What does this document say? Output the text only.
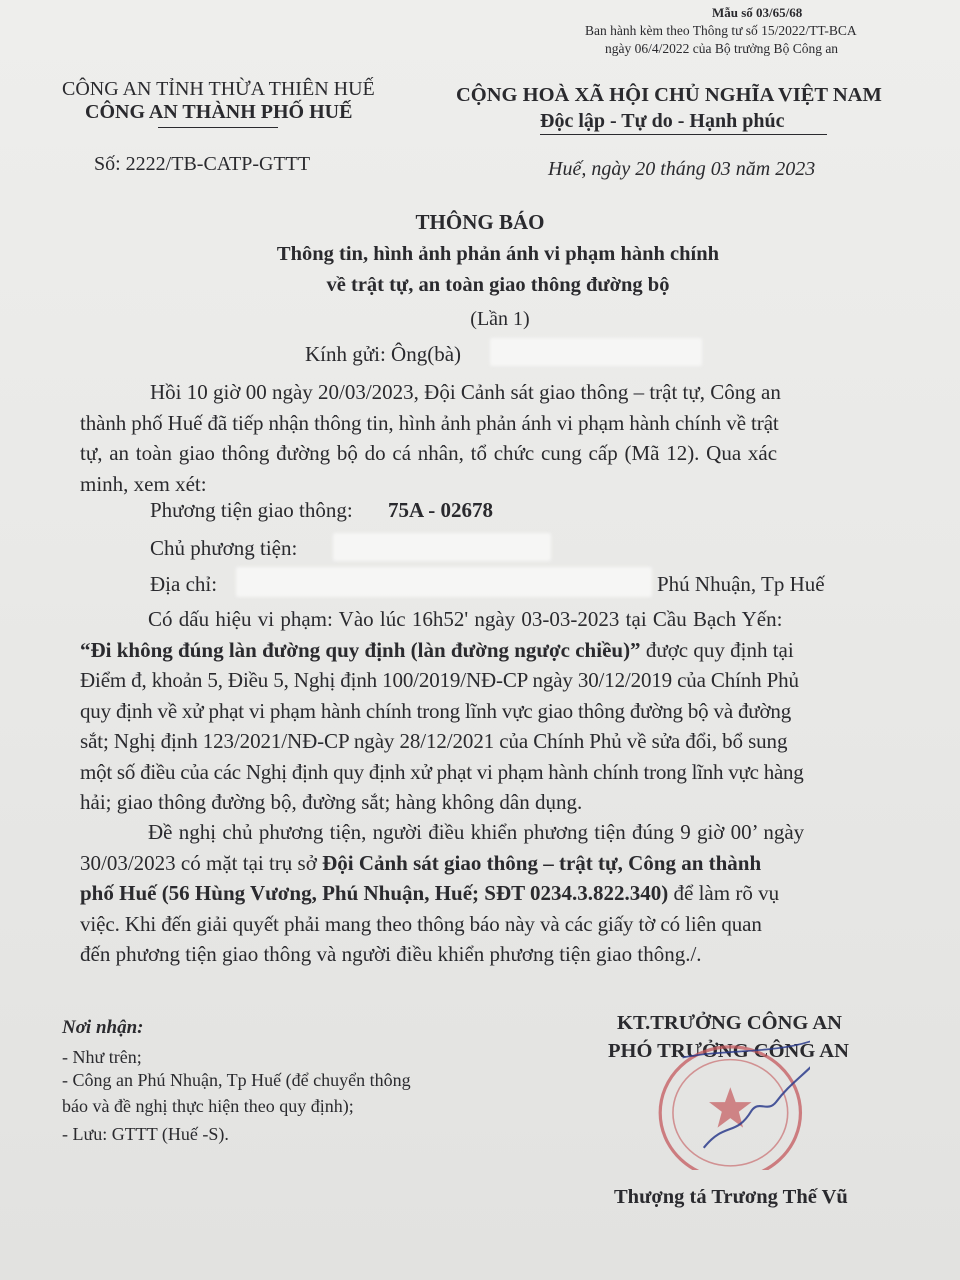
Mẫu số 03/65/68
Ban hành kèm theo Thông tư số 15/2022/TT-BCA
ngày 06/4/2022 của Bộ trưởng Bộ Công an
CÔNG AN TỈNH THỪA THIÊN HUẾ
CÔNG AN THÀNH PHỐ HUẾ
Số: 2222/TB-CATP-GTTT
CỘNG HOÀ XÃ HỘI CHỦ NGHĨA VIỆT NAM
Độc lập - Tự do - Hạnh phúc
Huế, ngày 20 tháng 03 năm 2023
THÔNG BÁO
Thông tin, hình ảnh phản ánh vi phạm hành chính
về trật tự, an toàn giao thông đường bộ
(Lần 1)
Kính gửi: Ông(bà)
Hồi 10 giờ 00 ngày 20/03/2023, Đội Cảnh sát giao thông – trật tự, Công an
thành phố Huế đã tiếp nhận thông tin, hình ảnh phản ánh vi phạm hành chính về trật
tự, an toàn giao thông đường bộ do cá nhân, tổ chức cung cấp (Mã 12). Qua xác
minh, xem xét:
Phương tiện giao thông: 75A - 02678
Chủ phương tiện:
Địa chỉ:	Phú Nhuận, Tp Huế
Có dấu hiệu vi phạm: Vào lúc 16h52' ngày 03-03-2023 tại Cầu Bạch Yến:
“Đi không đúng làn đường quy định (làn đường ngược chiều)” được quy định tại
Điểm đ, khoản 5, Điều 5, Nghị định 100/2019/NĐ-CP ngày 30/12/2019 của Chính Phủ
quy định về xử phạt vi phạm hành chính trong lĩnh vực giao thông đường bộ và đường
sắt; Nghị định 123/2021/NĐ-CP ngày 28/12/2021 của Chính Phủ về sửa đổi, bổ sung
một số điều của các Nghị định quy định xử phạt vi phạm hành chính trong lĩnh vực hàng
hải; giao thông đường bộ, đường sắt; hàng không dân dụng.
Đề nghị chủ phương tiện, người điều khiển phương tiện đúng 9 giờ 00’ ngày
30/03/2023 có mặt tại trụ sở Đội Cảnh sát giao thông – trật tự, Công an thành
phố Huế (56 Hùng Vương, Phú Nhuận, Huế; SĐT 0234.3.822.340) để làm rõ vụ
việc. Khi đến giải quyết phải mang theo thông báo này và các giấy tờ có liên quan
đến phương tiện giao thông và người điều khiển phương tiện giao thông./.
Nơi nhận:
- Như trên;
- Công an Phú Nhuận, Tp Huế (để chuyển thông
báo và đề nghị thực hiện theo quy định);
- Lưu: GTTT (Huế -S).
KT.TRƯỞNG CÔNG AN
PHÓ TRƯỞNG CÔNG AN
Thượng tá Trương Thế Vũ
